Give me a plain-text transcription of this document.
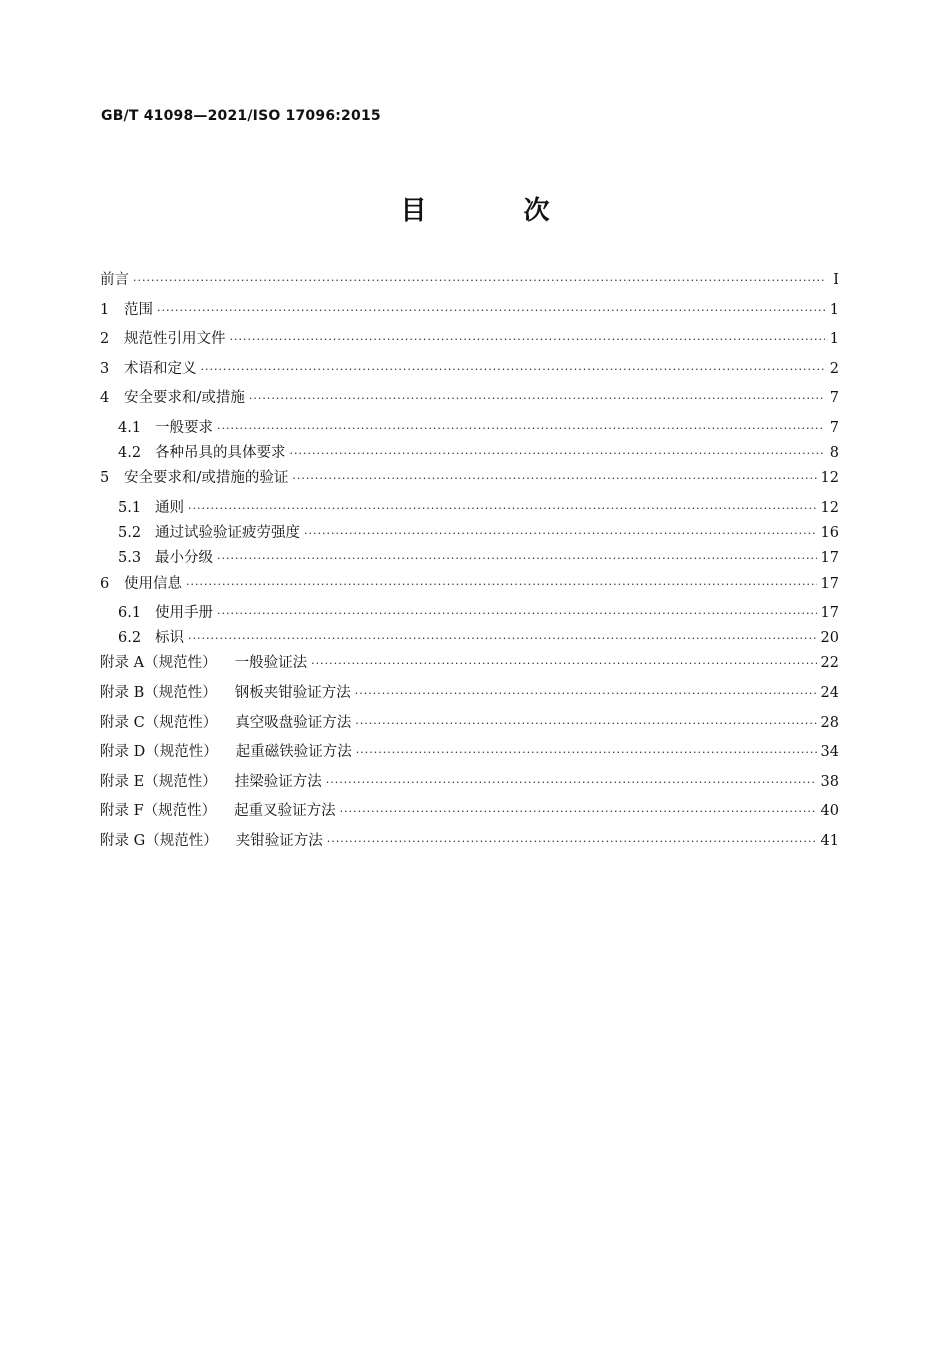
GB/T 41098—2021/ISO 17096:2015
目 次
前言 ·····	Ⅰ
1 范围 ·····	1
2 规范性引用文件 ·····	1
3 术语和定义 ·····	2
4 安全要求和/或措施 ·····	7
4.1 一般要求 ·····	7
4.2 各种吊具的具体要求 ·····	8
5 安全要求和/或措施的验证 ·····	12
5.1 通则 ·····	12
5.2 通过试验验证疲劳强度 ·····	16
5.3 最小分级 ·····	17
6 使用信息 ·····	17
6.1 使用手册 ·····	17
6.2 标识 ·····	20
附录 A（规范性） 一般验证法 ·····	22
附录 B（规范性） 钢板夹钳验证方法 ·····	24
附录 C（规范性） 真空吸盘验证方法 ·····	28
附录 D（规范性） 起重磁铁验证方法 ·····	34
附录 E（规范性） 挂梁验证方法 ·····	38
附录 F（规范性） 起重叉验证方法 ·····	40
附录 G（规范性） 夹钳验证方法 ·····	41
